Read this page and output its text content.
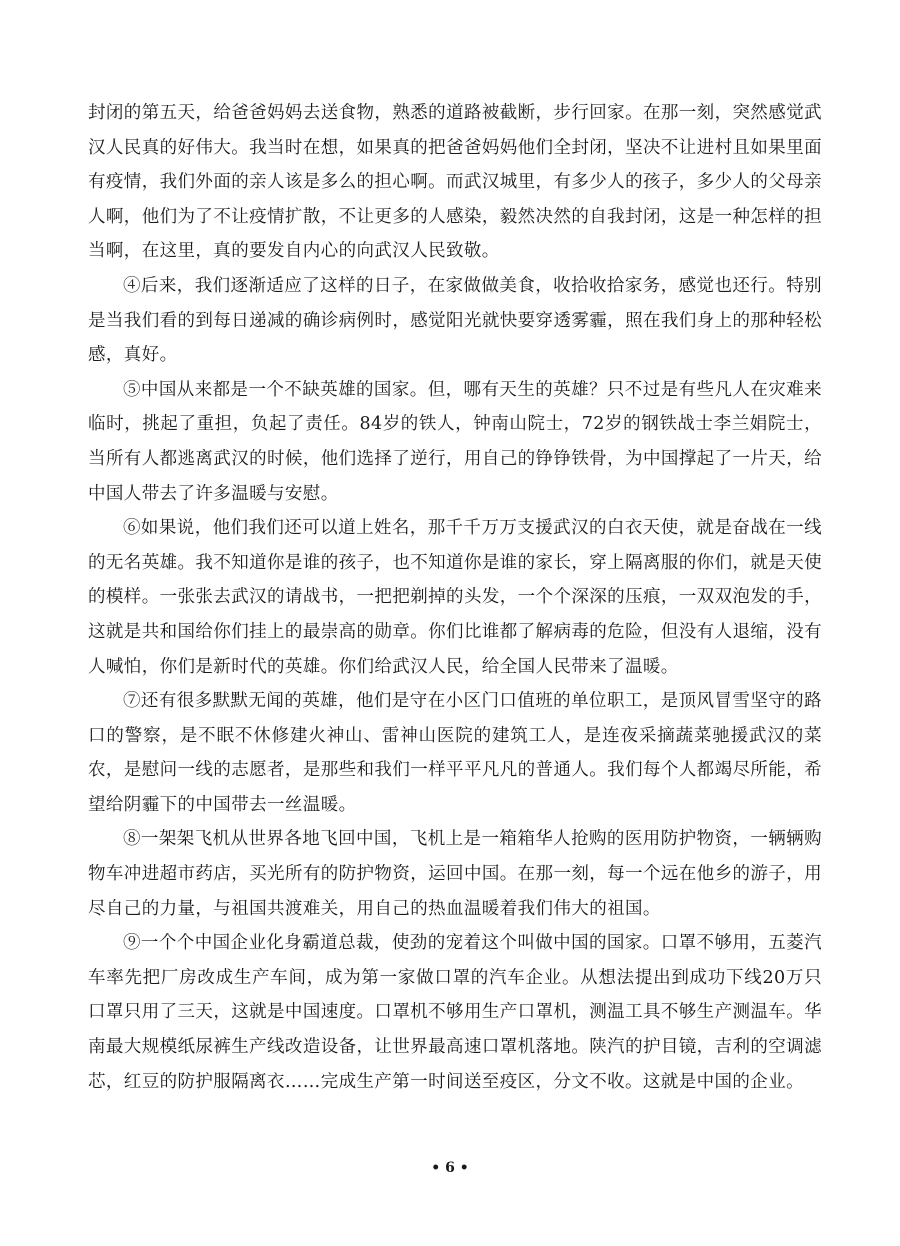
封闭的第五天，给爸爸妈妈去送食物，熟悉的道路被截断，步行回家。在那一刻，突然感觉武汉人民真的好伟大。我当时在想，如果真的把爸爸妈妈他们全封闭，坚决不让进村且如果里面有疫情，我们外面的亲人该是多么的担心啊。而武汉城里，有多少人的孩子，多少人的父母亲人啊，他们为了不让疫情扩散，不让更多的人感染，毅然决然的自我封闭，这是一种怎样的担当啊，在这里，真的要发自内心的向武汉人民致敬。

④后来，我们逐渐适应了这样的日子，在家做做美食，收拾收拾家务，感觉也还行。特别是当我们看的到每日递减的确诊病例时，感觉阳光就快要穿透雾霾，照在我们身上的那种轻松感，真好。

⑤中国从来都是一个不缺英雄的国家。但，哪有天生的英雄？只不过是有些凡人在灾难来临时，挑起了重担，负起了责任。84岁的铁人，钟南山院士，72岁的钢铁战士李兰娟院士，当所有人都逃离武汉的时候，他们选择了逆行，用自己的铮铮铁骨，为中国撑起了一片天，给中国人带去了许多温暖与安慰。

⑥如果说，他们我们还可以道上姓名，那千千万万支援武汉的白衣天使，就是奋战在一线的无名英雄。我不知道你是谁的孩子，也不知道你是谁的家长，穿上隔离服的你们，就是天使的模样。一张张去武汉的请战书，一把把剃掉的头发，一个个深深的压痕，一双双泡发的手，这就是共和国给你们挂上的最崇高的勋章。你们比谁都了解病毒的危险，但没有人退缩，没有人喊怕，你们是新时代的英雄。你们给武汉人民，给全国人民带来了温暖。

⑦还有很多默默无闻的英雄，他们是守在小区门口值班的单位职工，是顶风冒雪坚守的路口的警察，是不眠不休修建火神山、雷神山医院的建筑工人，是连夜采摘蔬菜驰援武汉的菜农，是慰问一线的志愿者，是那些和我们一样平平凡凡的普通人。我们每个人都竭尽所能，希望给阴霾下的中国带去一丝温暖。

⑧一架架飞机从世界各地飞回中国，飞机上是一箱箱华人抢购的医用防护物资，一辆辆购物车冲进超市药店，买光所有的防护物资，运回中国。在那一刻，每一个远在他乡的游子，用尽自己的力量，与祖国共渡难关，用自己的热血温暖着我们伟大的祖国。

⑨一个个中国企业化身霸道总裁，使劲的宠着这个叫做中国的国家。口罩不够用，五菱汽车率先把厂房改成生产车间，成为第一家做口罩的汽车企业。从想法提出到成功下线20万只口罩只用了三天，这就是中国速度。口罩机不够用生产口罩机，测温工具不够生产测温车。华南最大规模纸尿裤生产线改造设备，让世界最高速口罩机落地。陕汽的护目镜，吉利的空调滤芯，红豆的防护服隔离衣……完成生产第一时间送至疫区，分文不收。这就是中国的企业。

• 6 •
